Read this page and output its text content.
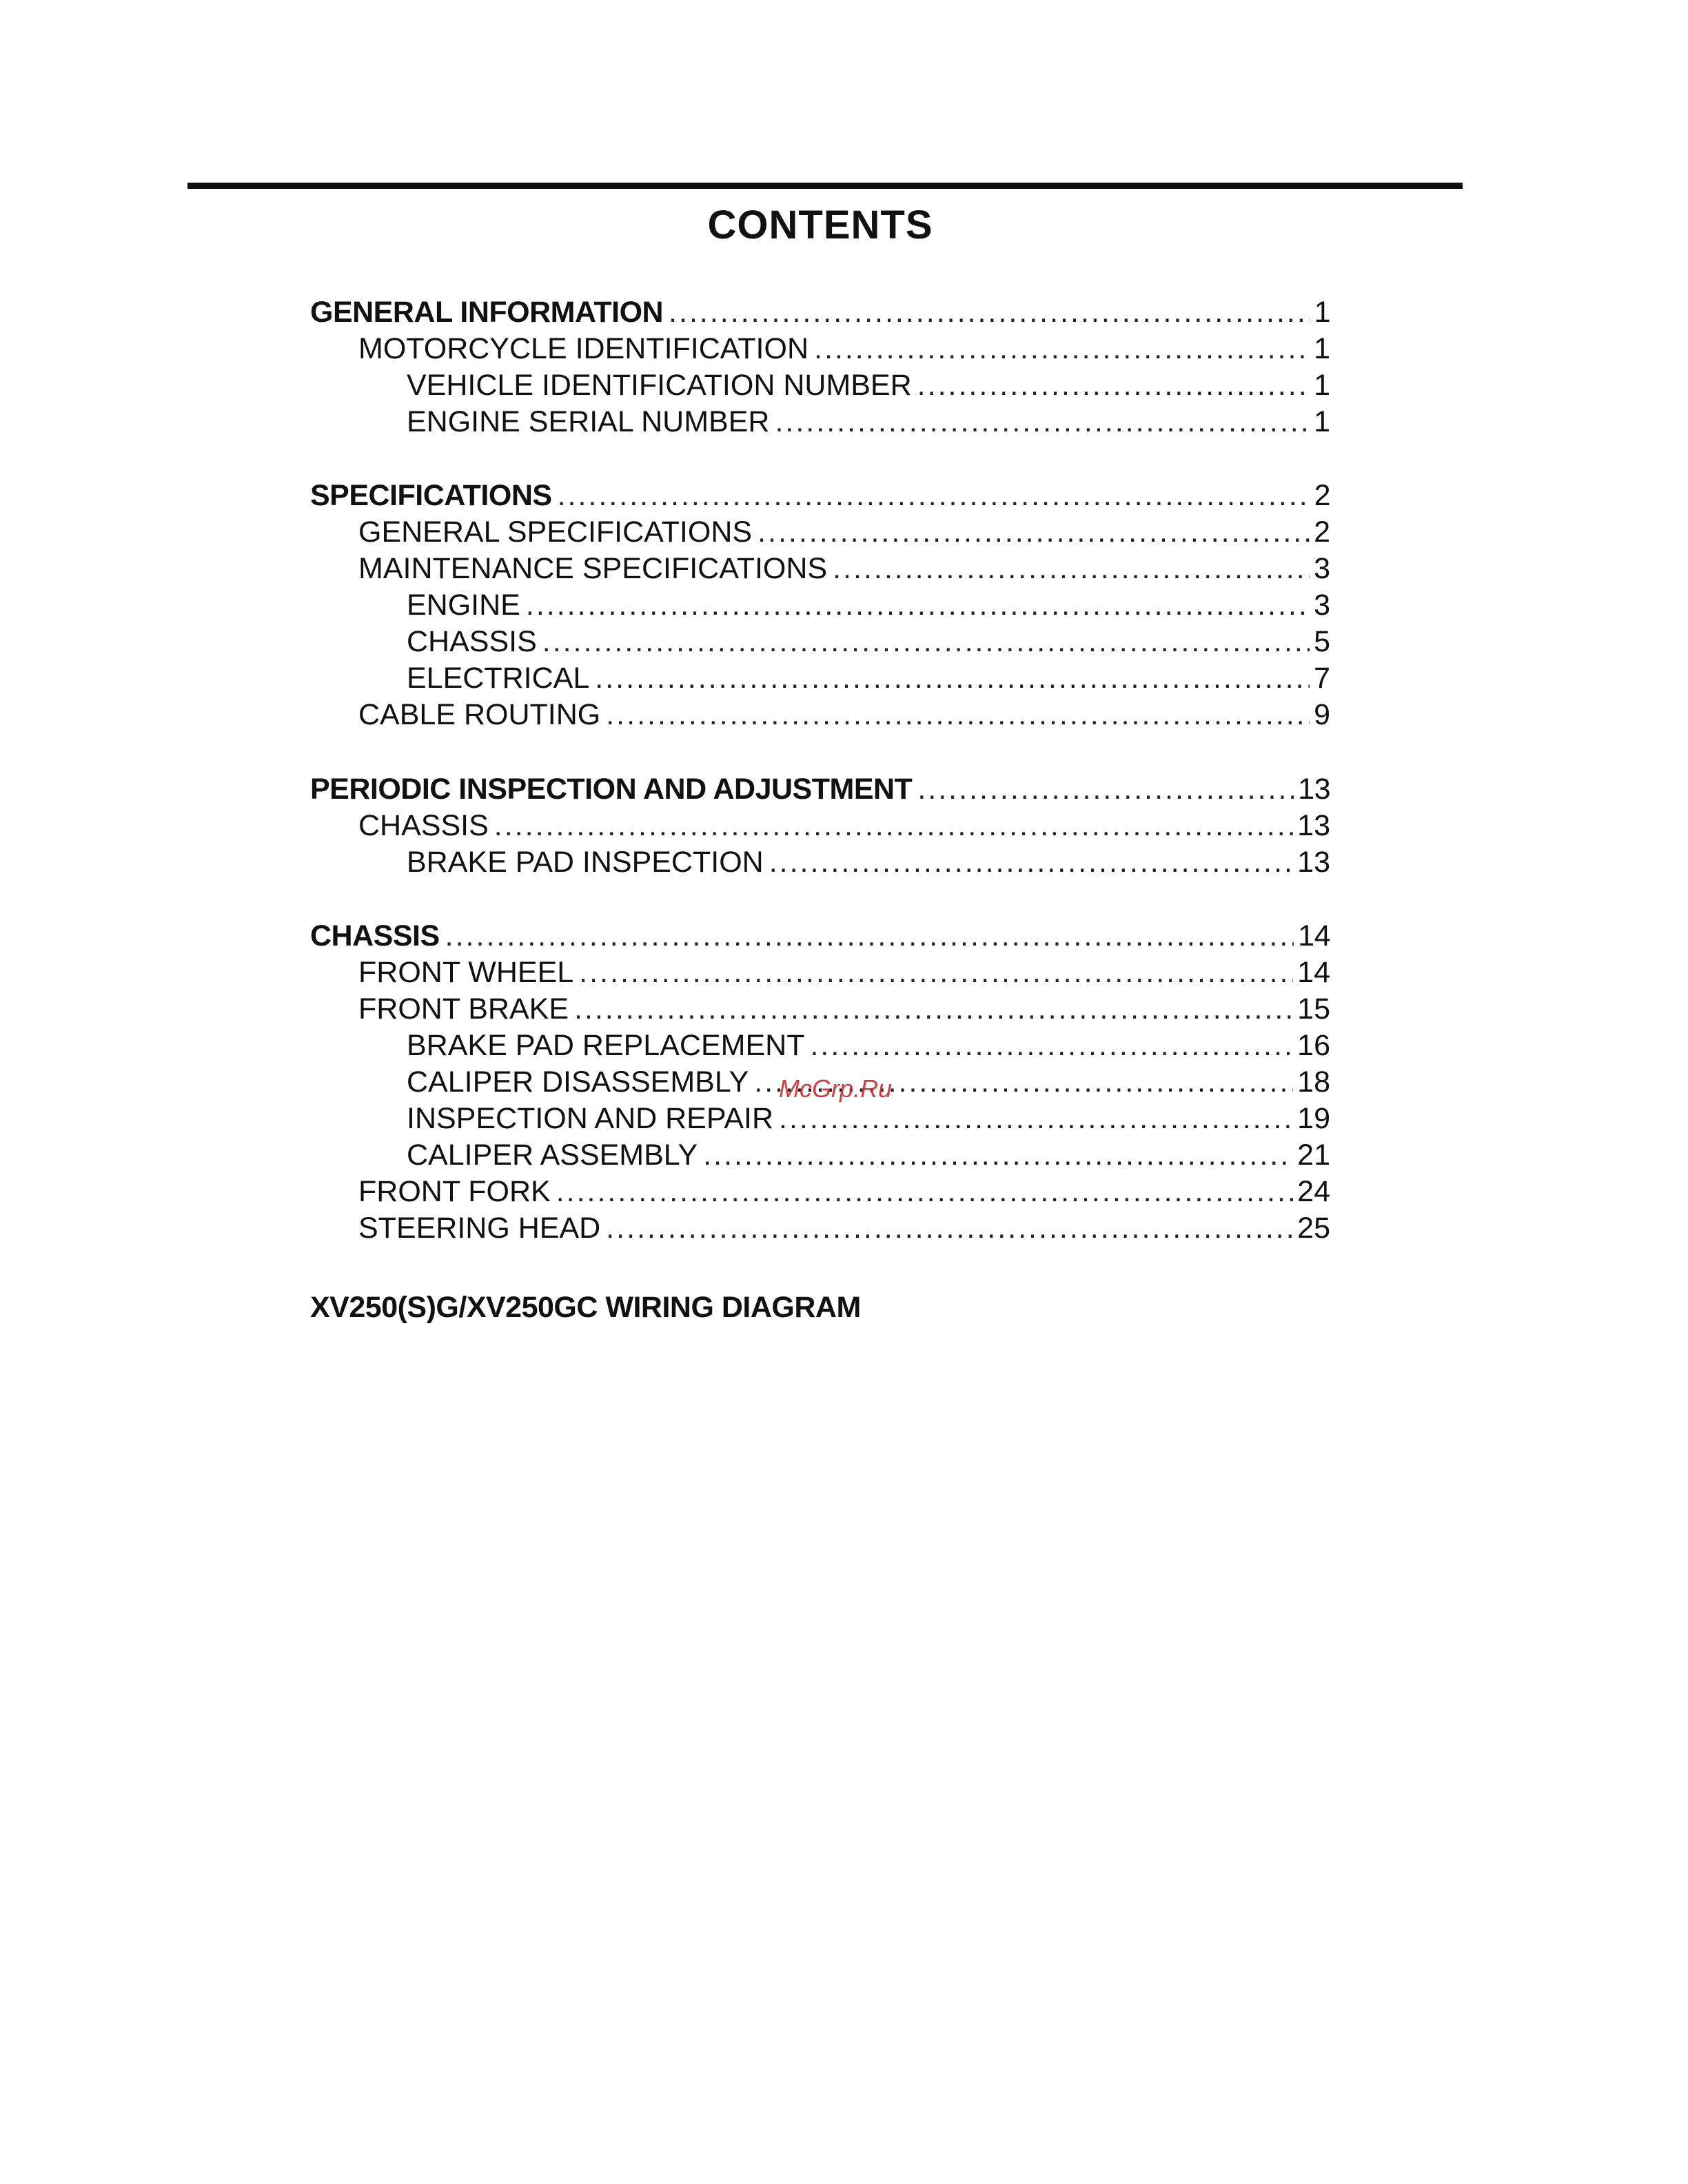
CONTENTS
GENERAL INFORMATION .....	1
MOTORCYCLE IDENTIFICATION .....	1
VEHICLE IDENTIFICATION NUMBER .....	1
ENGINE SERIAL NUMBER .....	1
SPECIFICATIONS .....	2
GENERAL SPECIFICATIONS .....	2
MAINTENANCE SPECIFICATIONS .....	3
ENGINE .....	3
CHASSIS .....	5
ELECTRICAL .....	7
CABLE ROUTING .....	9
PERIODIC INSPECTION AND ADJUSTMENT .....	13
CHASSIS .....	13
BRAKE PAD INSPECTION .....	13
CHASSIS .....	14
FRONT WHEEL .....	14
FRONT BRAKE .....	15
BRAKE PAD REPLACEMENT .....	16
CALIPER DISASSEMBLY .....	18
INSPECTION AND REPAIR .....	19
CALIPER ASSEMBLY .....	21
FRONT FORK .....	24
STEERING HEAD .....	25
XV250(S)G/XV250GC WIRING DIAGRAM
McGrp.Ru
